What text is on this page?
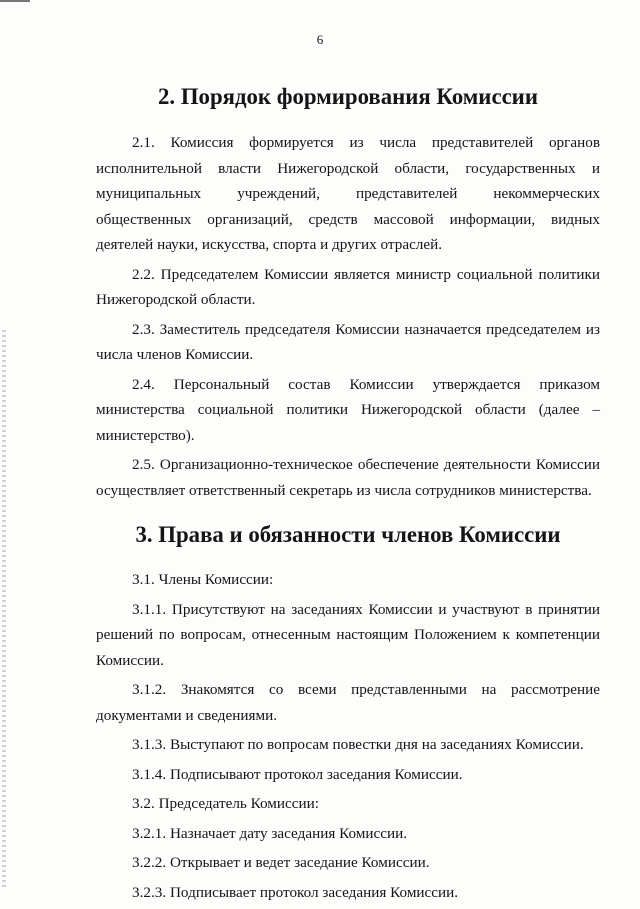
6
2. Порядок формирования Комиссии

2.1. Комиссия формируется из числа представителей органов исполнительной власти Нижегородской области, государственных и муниципальных учреждений, представителей некоммерческих общественных организаций, средств массовой информации, видных деятелей науки, искусства, спорта и других отраслей.

2.2. Председателем Комиссии является министр социальной политики Нижегородской области.

2.3. Заместитель председателя Комиссии назначается председателем из числа членов Комиссии.

2.4. Персональный состав Комиссии утверждается приказом министерства социальной политики Нижегородской области (далее – министерство).

2.5. Организационно-техническое обеспечение деятельности Комиссии осуществляет ответственный секретарь из числа сотрудников министерства.

3. Права и обязанности членов Комиссии

3.1. Члены Комиссии:

3.1.1. Присутствуют на заседаниях Комиссии и участвуют в принятии решений по вопросам, отнесенным настоящим Положением к компетенции Комиссии.

3.1.2. Знакомятся со всеми представленными на рассмотрение документами и сведениями.

3.1.3. Выступают по вопросам повестки дня на заседаниях Комиссии.

3.1.4. Подписывают протокол заседания Комиссии.

3.2. Председатель Комиссии:

3.2.1. Назначает дату заседания Комиссии.

3.2.2. Открывает и ведет заседание Комиссии.

3.2.3. Подписывает протокол заседания Комиссии.
